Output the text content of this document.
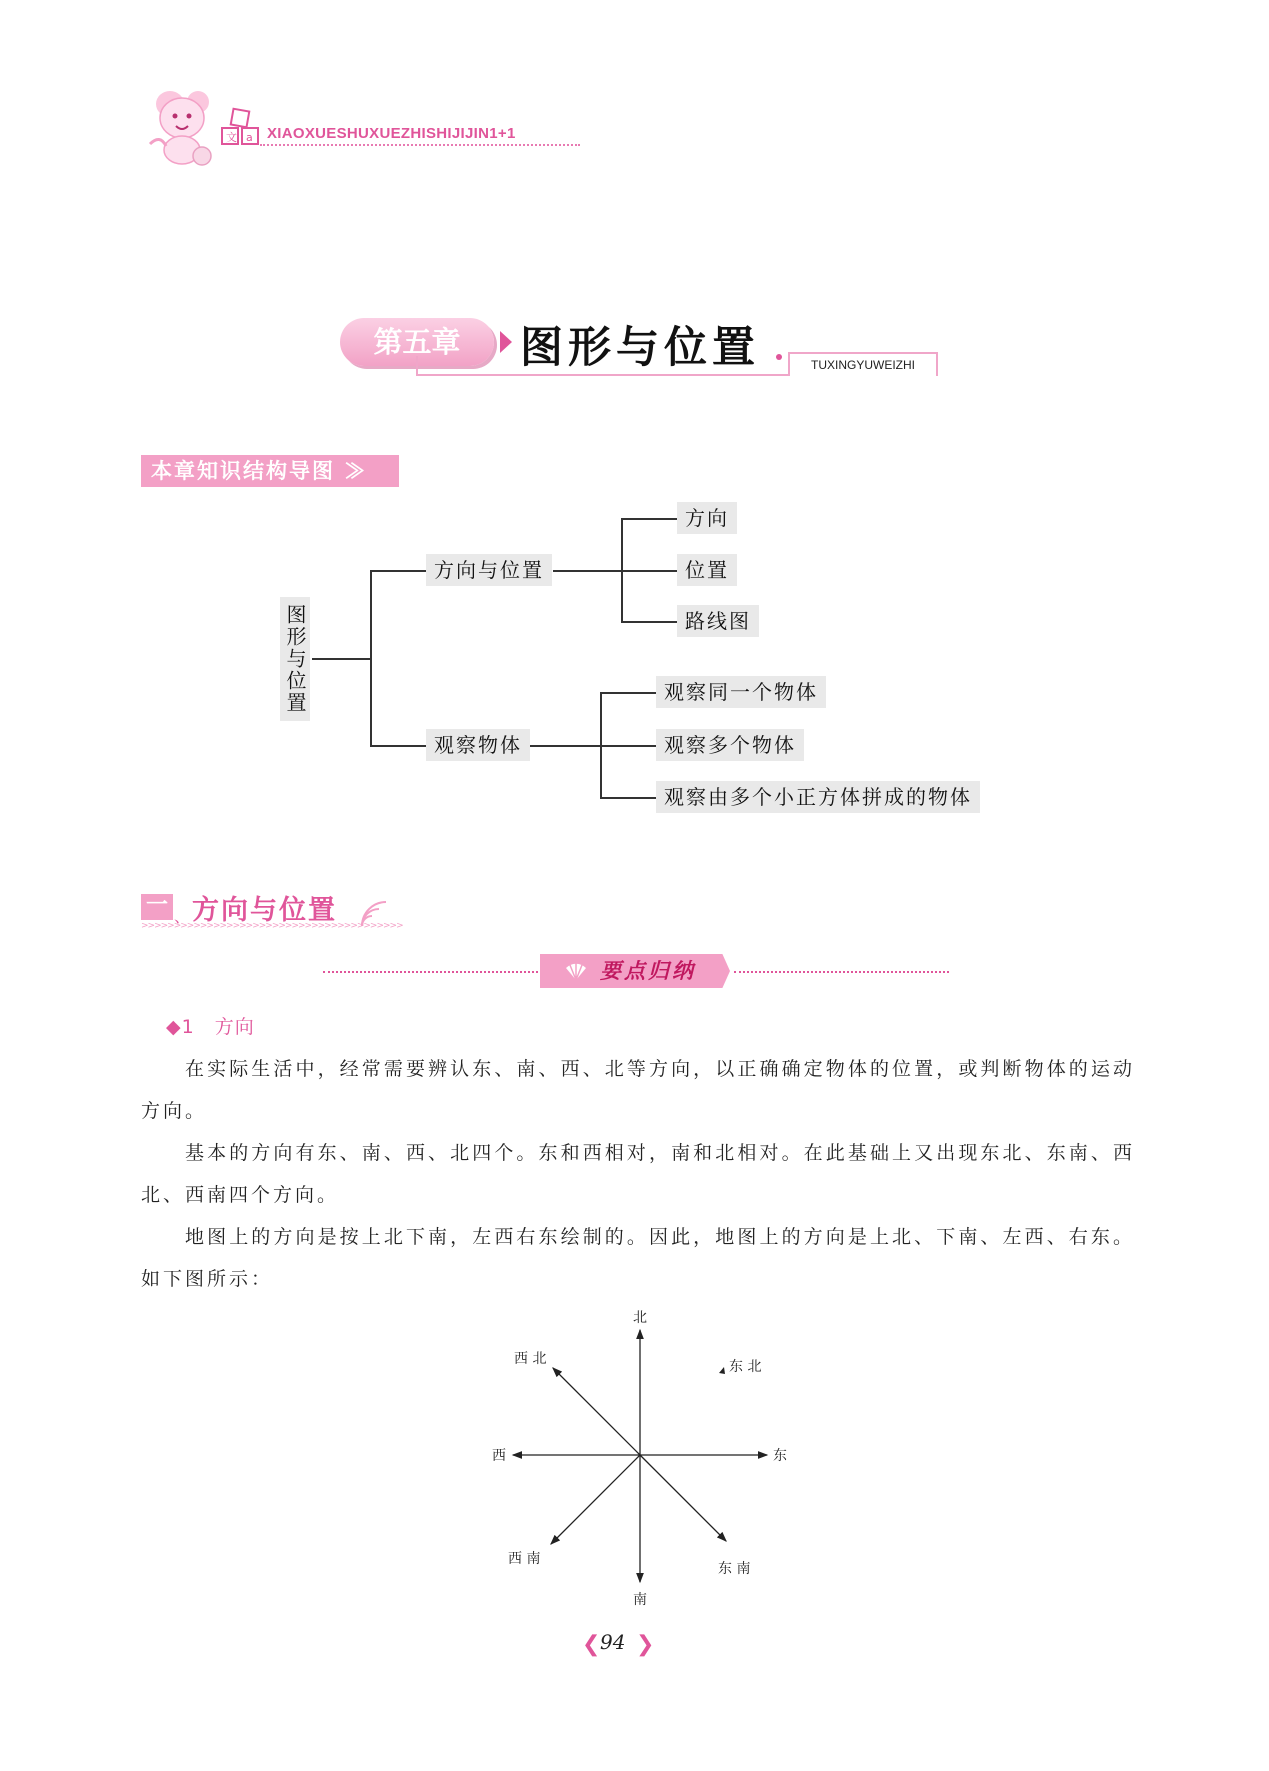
文 a XIAOXUESHUXUEZHISHIJIJIN1+1
第五章	图形与位置	TUXINGYUWEIZHI
本章知识结构导图 ≫
图形与位置
方向与位置
观察物体
方向
位置
路线图
观察同一个物体
观察多个物体
观察由多个小正方体拼成的物体
一 、 方向与位置
>>>>>>>>>>>>>>>>>>>>>>>>>>>>>>>>>>>>>>>>
要点归纳
◆1　方向
在实际生活中，经常需要辨认东、南、西、北等方向，以正确确定物体的位置，或判断物体的运动方向。
基本的方向有东、南、西、北四个。东和西相对，南和北相对。在此基础上又出现东北、东南、西北、西南四个方向。
地图上的方向是按上北下南，左西右东绘制的。因此，地图上的方向是上北、下南、左西、右东。如下图所示：
北
南
东
西
西 北	东 北
西 南
东 南
❮ 94 ❯
